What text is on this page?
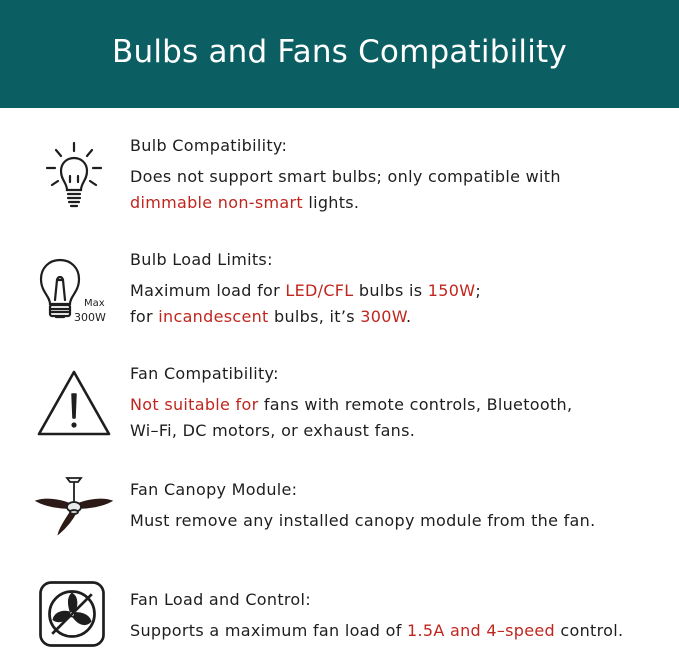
Bulbs and Fans Compatibility

Bulb Compatibility:

Does not support smart bulbs; only compatible with
dimmable non-smart lights.

Max
300W

Bulb Load Limits:

Maximum load for LED/CFL bulbs is 150W;
for incandescent bulbs, it’s 300W.

Fan Compatibility:

Not suitable for fans with remote controls, Bluetooth,
Wi–Fi, DC motors, or exhaust fans.

Fan Canopy Module:

Must remove any installed canopy module from the fan.

Fan Load and Control:

Supports a maximum fan load of 1.5A and 4–speed control.
